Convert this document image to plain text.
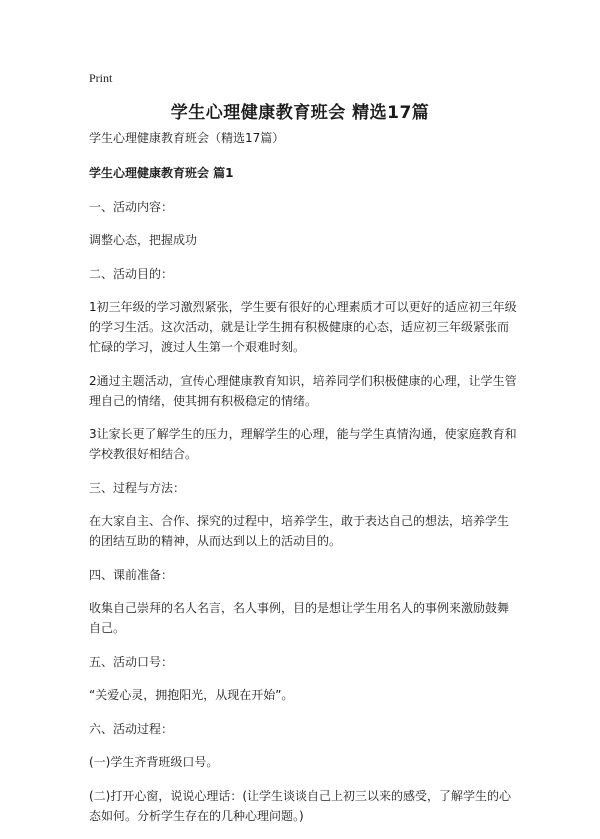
Print
学生心理健康教育班会 精选17篇

学生心理健康教育班会（精选17篇）

学生心理健康教育班会 篇1

一、活动内容：

调整心态，把握成功

二、活动目的：

1初三年级的学习激烈紧张，学生要有很好的心理素质才可以更好的适应初三年级的学习生活。这次活动，就是让学生拥有积极健康的心态，适应初三年级紧张而忙碌的学习，渡过人生第一个艰难时刻。

2通过主题活动，宣传心理健康教育知识，培养同学们积极健康的心理，让学生管理自己的情绪，使其拥有积极稳定的情绪。

3让家长更了解学生的压力，理解学生的心理，能与学生真情沟通，使家庭教育和学校教很好相结合。

三、过程与方法：

在大家自主、合作、探究的过程中，培养学生，敢于表达自己的想法，培养学生的团结互助的精神，从而达到以上的活动目的。

四、课前准备：

收集自己崇拜的名人名言，名人事例，目的是想让学生用名人的事例来激励鼓舞自己。

五、活动口号：

“关爱心灵，拥抱阳光，从现在开始”。

六、活动过程：

(一)学生齐背班级口号。

(二)打开心窗，说说心理话：(让学生谈谈自己上初三以来的感受，了解学生的心态如何。分析学生存在的几种心理问题。)
